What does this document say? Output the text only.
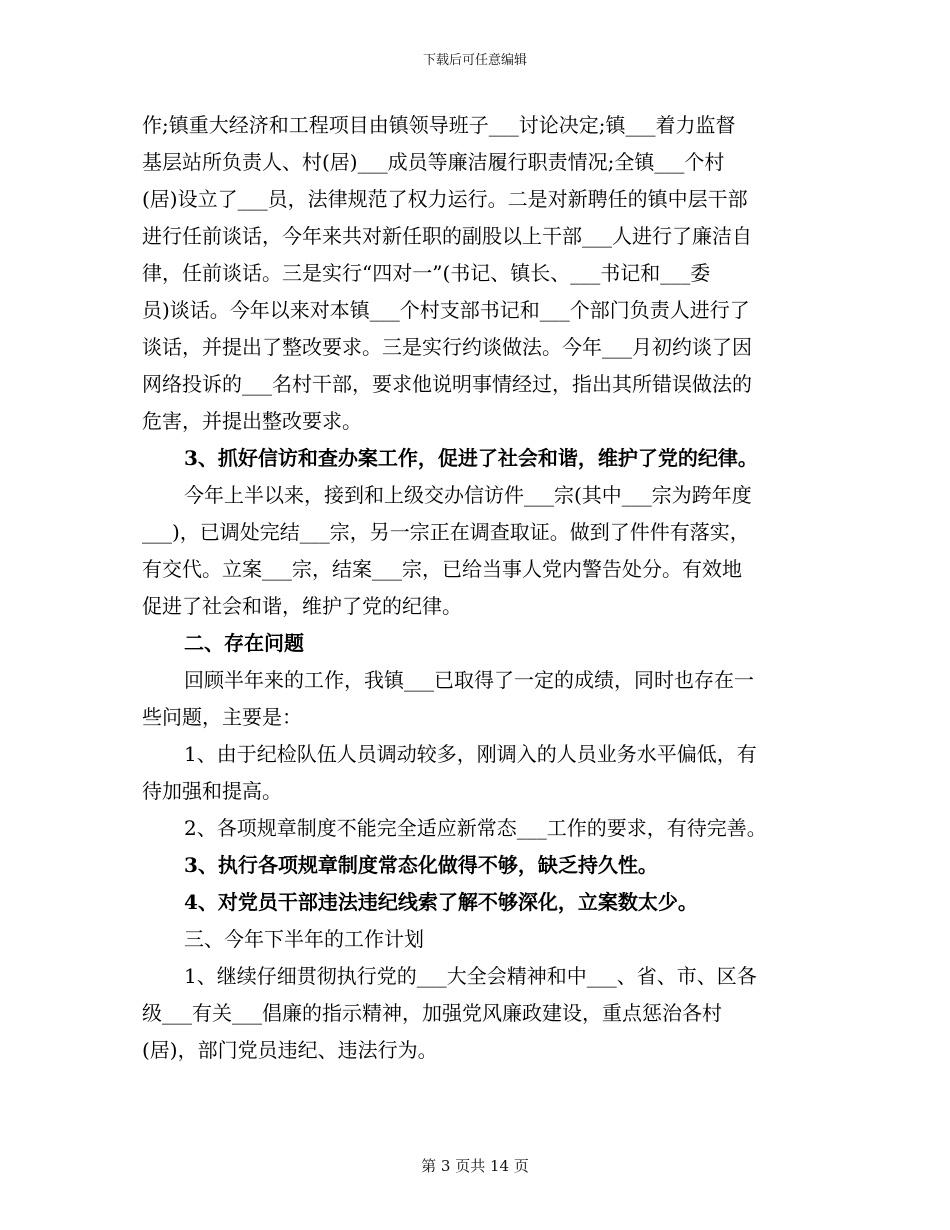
下载后可任意编辑

作;镇重大经济和工程项目由镇领导班子___讨论决定;镇___着力监督

基层站所负责人、村(居)___成员等廉洁履行职责情况;全镇___个村

(居)设立了___员，法律规范了权力运行。二是对新聘任的镇中层干部

进行任前谈话，今年来共对新任职的副股以上干部___人进行了廉洁自

律，任前谈话。三是实行“四对一”(书记、镇长、___书记和___委

员)谈话。今年以来对本镇___个村支部书记和___个部门负责人进行了

谈话，并提出了整改要求。三是实行约谈做法。今年___月初约谈了因

网络投诉的___名村干部，要求他说明事情经过，指出其所错误做法的

危害，并提出整改要求。

3、抓好信访和查办案工作，促进了社会和谐，维护了党的纪律。

今年上半以来，接到和上级交办信访件___宗(其中___宗为跨年度

___)，已调处完结___宗，另一宗正在调查取证。做到了件件有落实，

有交代。立案___宗，结案___宗，已给当事人党内警告处分。有效地

促进了社会和谐，维护了党的纪律。

二、存在问题

回顾半年来的工作，我镇___已取得了一定的成绩，同时也存在一

些问题，主要是：

1、由于纪检队伍人员调动较多，刚调入的人员业务水平偏低，有

待加强和提高。

2、各项规章制度不能完全适应新常态___工作的要求，有待完善。

3、执行各项规章制度常态化做得不够，缺乏持久性。

4、对党员干部违法违纪线索了解不够深化，立案数太少。

三、今年下半年的工作计划

1、继续仔细贯彻执行党的___大全会精神和中___、省、市、区各

级___有关___倡廉的指示精神，加强党风廉政建设，重点惩治各村

(居)，部门党员违纪、违法行为。

第 3 页共 14 页
